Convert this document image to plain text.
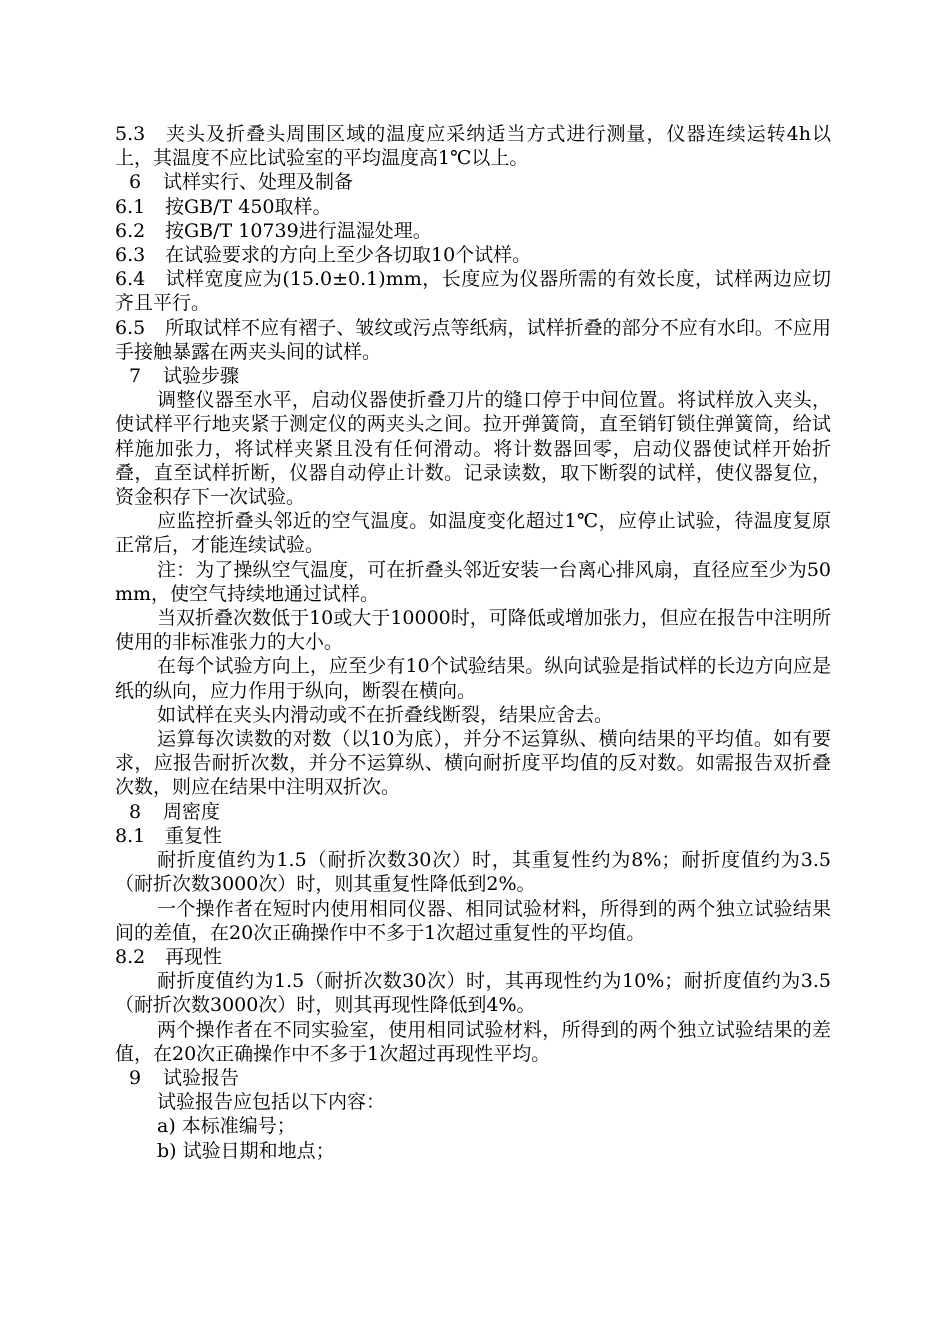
5.3 夹头及折叠头周围区域的温度应采纳适当方式进行测量，仪器连续运转4h以上，其温度不应比试验室的平均温度高1℃以上。

6 试样实行、处理及制备

6.1 按GB/T 450取样。

6.2 按GB/T 10739进行温湿处理。

6.3 在试验要求的方向上至少各切取10个试样。

6.4 试样宽度应为(15.0±0.1)mm，长度应为仪器所需的有效长度，试样两边应切齐且平行。

6.5 所取试样不应有褶子、皱纹或污点等纸病，试样折叠的部分不应有水印。不应用手接触暴露在两夹头间的试样。

7 试验步骤

调整仪器至水平，启动仪器使折叠刀片的缝口停于中间位置。将试样放入夹头，使试样平行地夹紧于测定仪的两夹头之间。拉开弹簧筒，直至销钉锁住弹簧筒，给试样施加张力，将试样夹紧且没有任何滑动。将计数器回零，启动仪器使试样开始折叠，直至试样折断，仪器自动停止计数。记录读数，取下断裂的试样，使仪器复位，资金积存下一次试验。

应监控折叠头邻近的空气温度。如温度变化超过1℃，应停止试验，待温度复原正常后，才能连续试验。

注：为了操纵空气温度，可在折叠头邻近安装一台离心排风扇，直径应至少为50mm，使空气持续地通过试样。

当双折叠次数低于10或大于10000时，可降低或增加张力，但应在报告中注明所使用的非标准张力的大小。

在每个试验方向上，应至少有10个试验结果。纵向试验是指试样的长边方向应是纸的纵向，应力作用于纵向，断裂在横向。

如试样在夹头内滑动或不在折叠线断裂，结果应舍去。

运算每次读数的对数（以10为底），并分不运算纵、横向结果的平均值。如有要求，应报告耐折次数，并分不运算纵、横向耐折度平均值的反对数。如需报告双折叠次数，则应在结果中注明双折次。

8 周密度

8.1 重复性

耐折度值约为1.5（耐折次数30次）时，其重复性约为8%；耐折度值约为3.5（耐折次数3000次）时，则其重复性降低到2%。

一个操作者在短时内使用相同仪器、相同试验材料，所得到的两个独立试验结果间的差值，在20次正确操作中不多于1次超过重复性的平均值。

8.2 再现性

耐折度值约为1.5（耐折次数30次）时，其再现性约为10%；耐折度值约为3.5（耐折次数3000次）时，则其再现性降低到4%。

两个操作者在不同实验室，使用相同试验材料，所得到的两个独立试验结果的差值，在20次正确操作中不多于1次超过再现性平均。

9 试验报告

试验报告应包括以下内容：

a) 本标准编号；

b) 试验日期和地点；
